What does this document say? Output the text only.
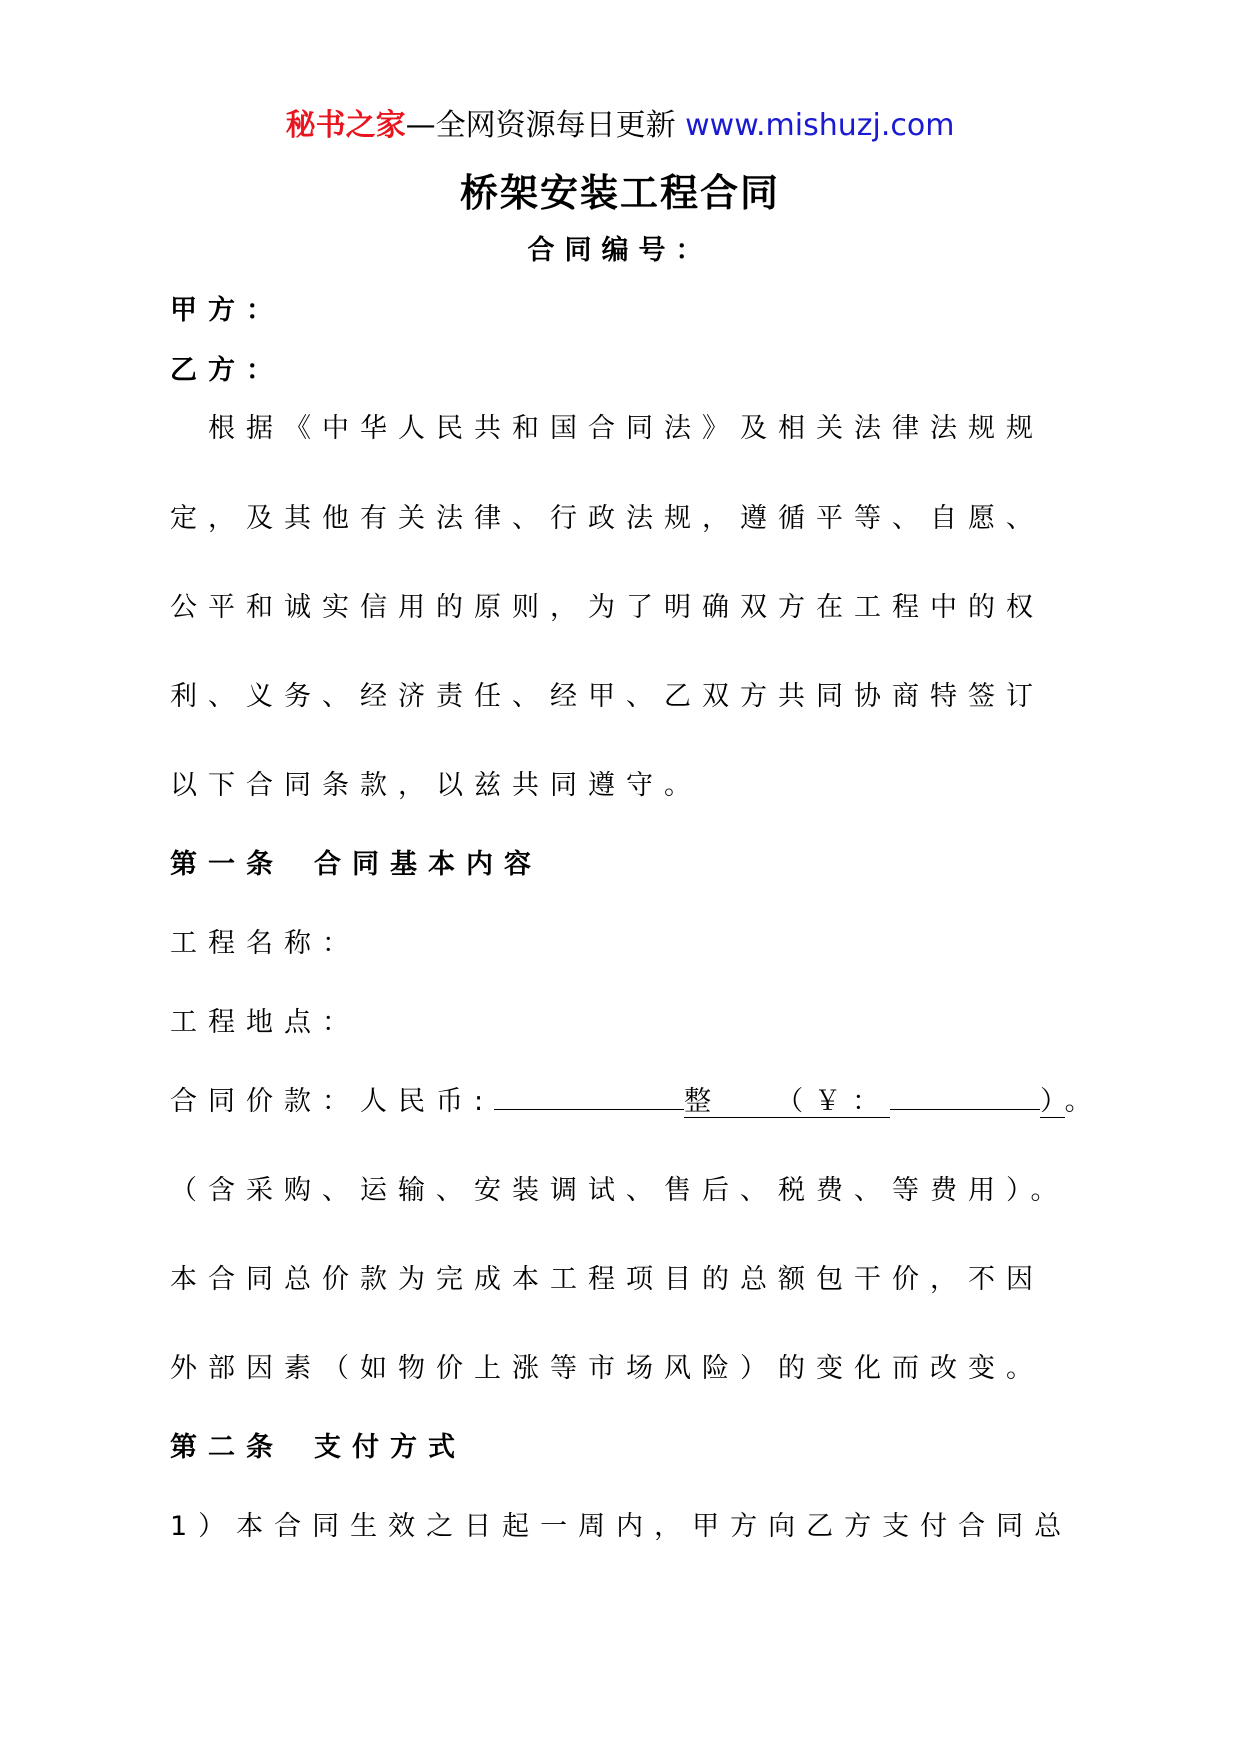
秘书之家—全网资源每日更新 www.mishuzj.com
桥架安装工程合同
合同编号：
甲方：
乙方：
　根据《中华人民共和国合同法》及相关法律法规规
定，及其他有关法律、行政法规，遵循平等、自愿、
公平和诚实信用的原则，为了明确双方在工程中的权
利、义务、经济责任、经甲、乙双方共同协商特签订
以下合同条款，以兹共同遵守。
第一条 合同基本内容
工程名称：
工程地点：
合同价款：人民币:	整   （￥：	）。
（含采购、运输、安装调试、售后、税费、等费用）。
本合同总价款为完成本工程项目的总额包干价，不因
外部因素（如物价上涨等市场风险）的变化而改变。
第二条 支付方式
1）本合同生效之日起一周内，甲方向乙方支付合同总
